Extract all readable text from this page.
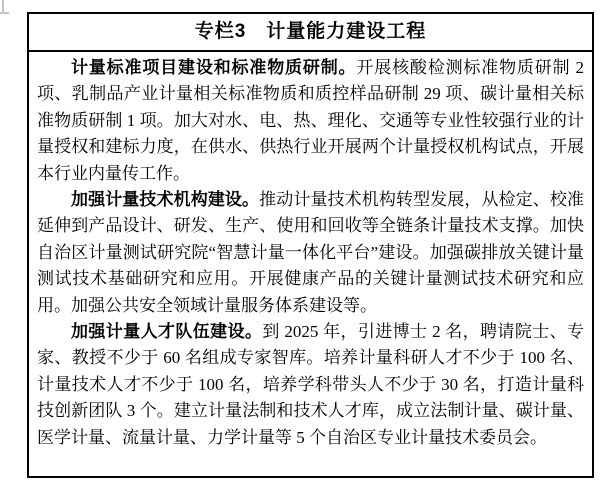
专栏3　计量能力建设工程

计量标准项目建设和标准物质研制。开展核酸检测标准物质研制 2 项、乳制品产业计量相关标准物质和质控样品研制 29 项、碳计量相关标准物质研制 1 项。加大对水、电、热、理化、交通等专业性较强行业的计量授权和建标力度，在供水、供热行业开展两个计量授权机构试点，开展本行业内量传工作。

加强计量技术机构建设。推动计量技术机构转型发展，从检定、校准延伸到产品设计、研发、生产、使用和回收等全链条计量技术支撑。加快自治区计量测试研究院“智慧计量一体化平台”建设。加强碳排放关键计量测试技术基础研究和应用。开展健康产品的关键计量测试技术研究和应用。加强公共安全领域计量服务体系建设等。

加强计量人才队伍建设。到 2025 年，引进博士 2 名，聘请院士、专家、教授不少于 60 名组成专家智库。培养计量科研人才不少于 100 名、计量技术人才不少于 100 名，培养学科带头人不少于 30 名，打造计量科技创新团队 3 个。建立计量法制和技术人才库，成立法制计量、碳计量、医学计量、流量计量、力学计量等 5 个自治区专业计量技术委员会。
